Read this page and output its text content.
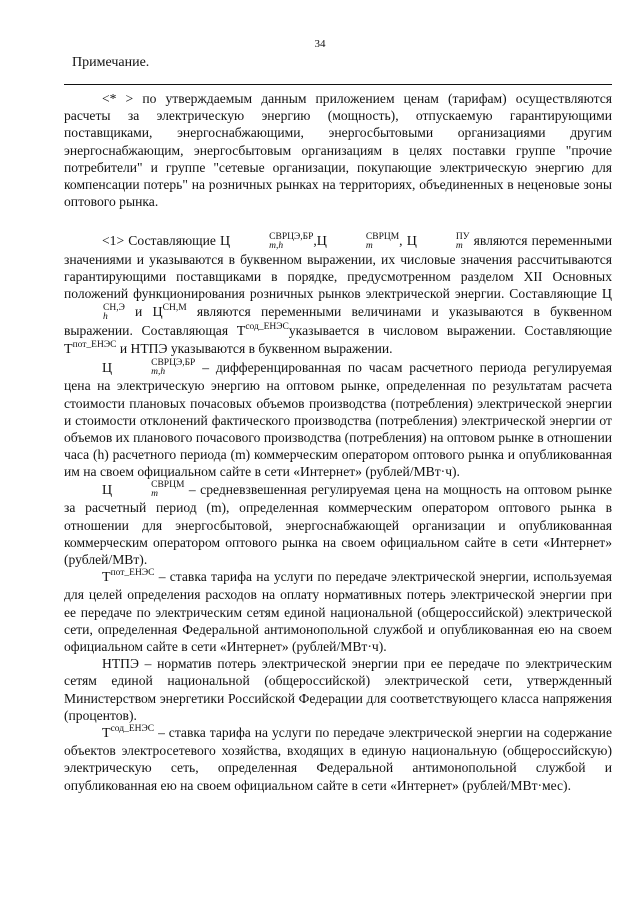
34
Примечание.

<* > по утверждаемым данным приложением ценам (тарифам) осуществляются расчеты за электрическую энергию (мощность), отпускаемую гарантирующими поставщиками, энергоснабжающими, энергосбытовыми организациями другим энергоснабжающим, энергосбытовым организациям в целях поставки группе "прочие потребители" и группе "сетевые организации, покупающие электрическую энергию для компенсации потерь" на розничных рынках на территориях, объединенных в неценовые зоны оптового рынка.

<1> Составляющие Ц	СВРЦЭ,БР
m,h	,Ц	СВРЦМ
m	, Ц	ПУ
m являются переменными значениями и указываются в буквенном выражении, их числовые значения рассчитываются гарантирующими поставщиками в порядке, предусмотренном разделом XII Основных положений функционирования розничных рынков электрической энергии. Составляющие Ц
СН,Э
h	и $Ц^{СН,М}$ являются переменными величинами и указываются в буквенном выражении. Составляющая $T^{сод\_ЕНЭС}указывается$ в числовом выражении. Составляющие $T^{пот\_ЕНЭС}$ и НТПЭ указываются в буквенном выражении.

Ц	СВРЦЭ,БР
m,h	– дифференцированная по часам расчетного периода регулируемая цена на электрическую энергию на оптовом рынке, определенная по результатам расчета стоимости плановых почасовых объемов производства (потребления) электрической энергии и стоимости отклонений фактического производства (потребления) электрической энергии от объемов их планового почасового производства (потребления) на оптовом рынке в отношении часа (h) расчетного периода (m) коммерческим оператором оптового рынка и опубликованная им на своем официальном сайте в сети «Интернет» (рублей/МВт·ч).

Ц	СВРЦМ
m	– средневзвешенная регулируемая цена на мощность на оптовом рынке за расчетный период (m), определенная коммерческим оператором оптового рынка в отношении для энергосбытовой, энергоснабжающей организации и опубликованная коммерческим оператором оптового рынка на своем официальном сайте в сети «Интернет» (рублей/МВт).

$T^{пот\_ЕНЭС}$ – ставка тарифа на услуги по передаче электрической энергии, используемая для целей определения расходов на оплату нормативных потерь электрической энергии при ее передаче по электрическим сетям единой национальной (общероссийской) электрической сети, определенная Федеральной антимонопольной службой и опубликованная ею на своем официальном сайте в сети «Интернет» (рублей/МВт·ч).

НТПЭ – норматив потерь электрической энергии при ее передаче по электрическим сетям единой национальной (общероссийской) электрической сети, утвержденный Министерством энергетики Российской Федерации для соответствующего класса напряжения (процентов).

$T^{сод\_ЕНЭС}$ – ставка тарифа на услуги по передаче электрической энергии на содержание объектов электросетевого хозяйства, входящих в единую национальную (общероссийскую) электрическую сеть, определенная Федеральной антимонопольной службой и опубликованная ею на своем официальном сайте в сети «Интернет» (рублей/МВт·мес).
